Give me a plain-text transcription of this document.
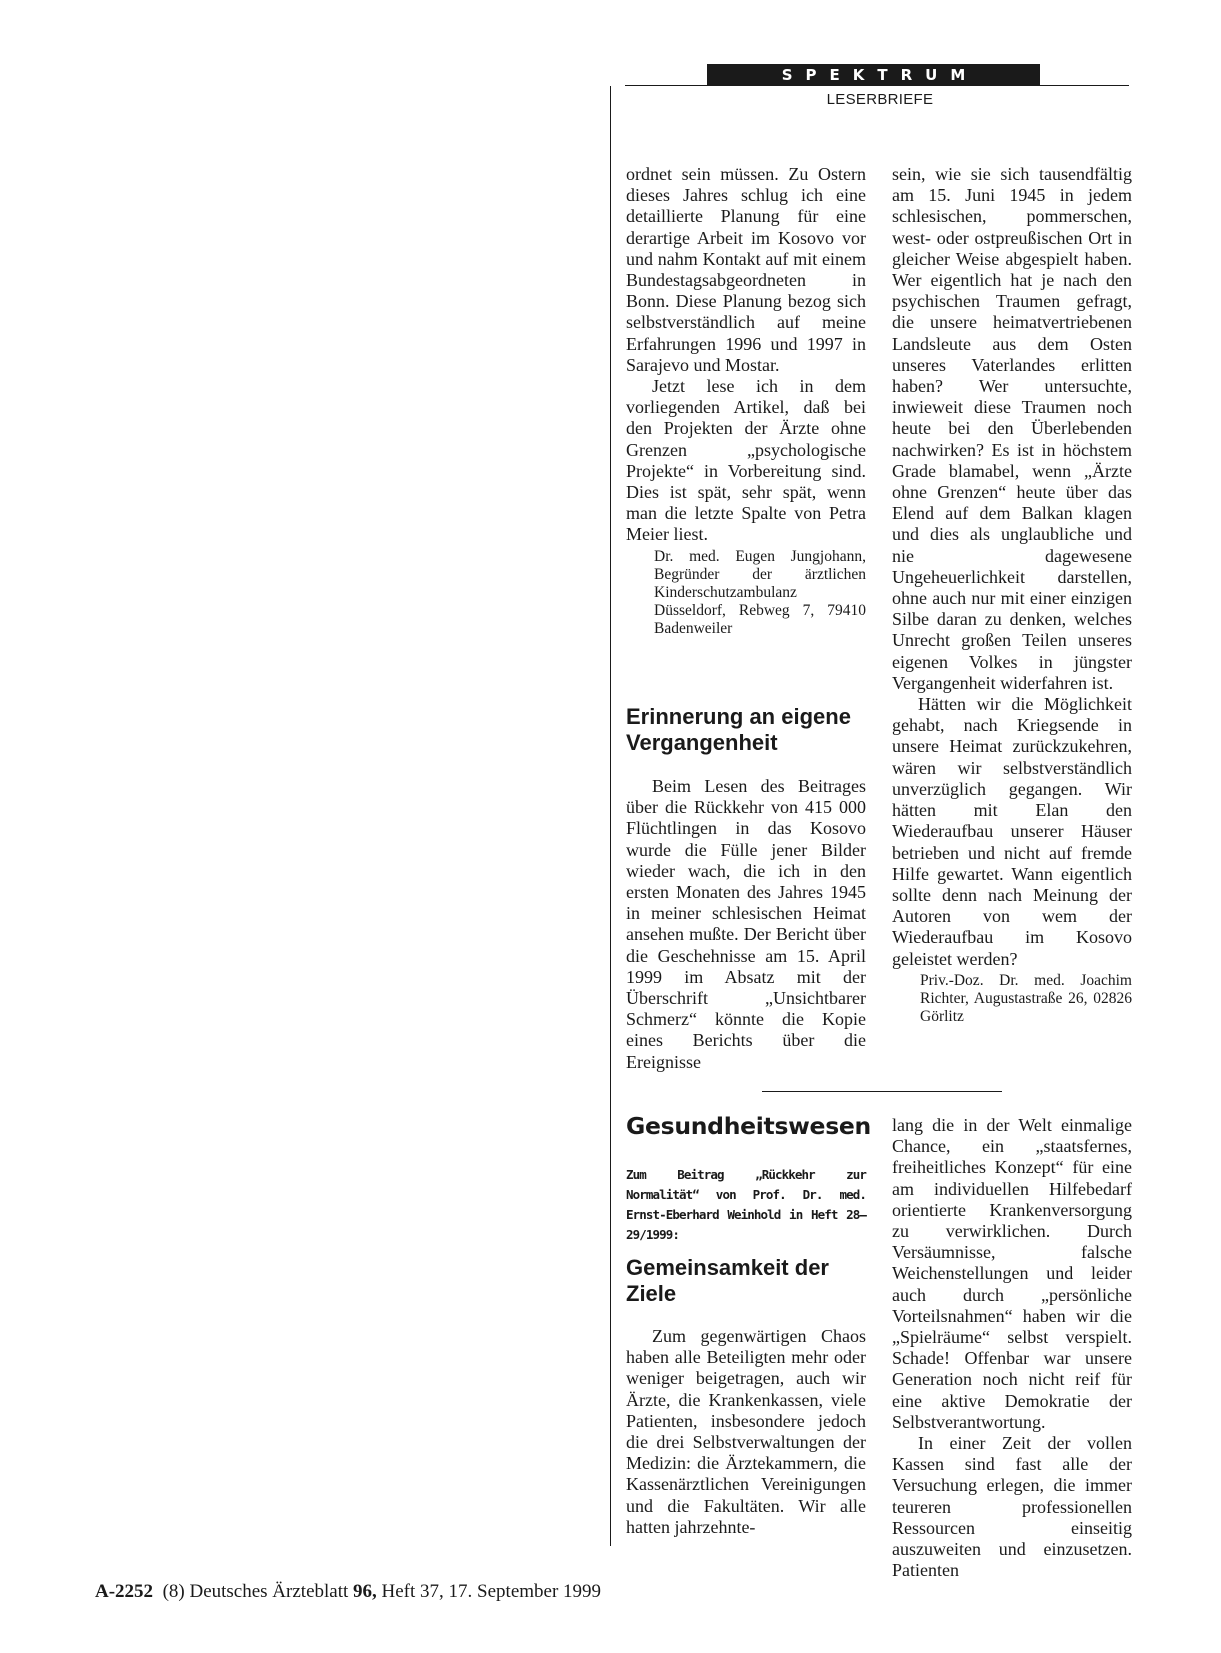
SPEKTRUM
LESERBRIEFE

ordnet sein müssen. Zu Ostern dieses Jahres schlug ich eine detaillierte Planung für eine derartige Arbeit im Kosovo vor und nahm Kontakt auf mit einem Bundestagsabgeordneten in Bonn. Diese Planung bezog sich selbstverständlich auf meine Erfahrungen 1996 und 1997 in Sarajevo und Mostar.

Jetzt lese ich in dem vorliegenden Artikel, daß bei den Projekten der Ärzte ohne Grenzen „psychologische Projekte“ in Vorbereitung sind. Dies ist spät, sehr spät, wenn man die letzte Spalte von Petra Meier liest.

Dr. med. Eugen Jungjohann, Begründer der ärztlichen Kinderschutzambulanz Düsseldorf, Rebweg 7, 79410 Badenweiler

Erinnerung an eigene Vergangenheit

Beim Lesen des Beitrages über die Rückkehr von 415 000 Flüchtlingen in das Kosovo wurde die Fülle jener Bilder wieder wach, die ich in den ersten Monaten des Jahres 1945 in meiner schlesischen Heimat ansehen mußte. Der Bericht über die Geschehnisse am 15. April 1999 im Absatz mit der Überschrift „Unsichtbarer Schmerz“ könnte die Kopie eines Berichts über die Ereignisse

sein, wie sie sich tausendfältig am 15. Juni 1945 in jedem schlesischen, pommerschen, west- oder ostpreußischen Ort in gleicher Weise abgespielt haben. Wer eigentlich hat je nach den psychischen Traumen gefragt, die unsere heimatvertriebenen Landsleute aus dem Osten unseres Vaterlandes erlitten haben? Wer untersuchte, inwieweit diese Traumen noch heute bei den Überlebenden nachwirken? Es ist in höchstem Grade blamabel, wenn „Ärzte ohne Grenzen“ heute über das Elend auf dem Balkan klagen und dies als unglaubliche und nie dagewesene Ungeheuerlichkeit darstellen, ohne auch nur mit einer einzigen Silbe daran zu denken, welches Unrecht großen Teilen unseres eigenen Volkes in jüngster Vergangenheit widerfahren ist.

Hätten wir die Möglichkeit gehabt, nach Kriegsende in unsere Heimat zurückzukehren, wären wir selbstverständlich unverzüglich gegangen. Wir hätten mit Elan den Wiederaufbau unserer Häuser betrieben und nicht auf fremde Hilfe gewartet. Wann eigentlich sollte denn nach Meinung der Autoren von wem der Wiederaufbau im Kosovo geleistet werden?

Priv.-Doz. Dr. med. Joachim Richter, Augustastraße 26, 02826 Görlitz

Gesundheitswesen
Zum Beitrag „Rückkehr zur Normalität“ von Prof. Dr. med. Ernst-Eberhard Weinhold in Heft 28–29/1999:
Gemeinsamkeit der Ziele

Zum gegenwärtigen Chaos haben alle Beteiligten mehr oder weniger beigetragen, auch wir Ärzte, die Krankenkassen, viele Patienten, insbesondere jedoch die drei Selbstverwaltungen der Medizin: die Ärztekammern, die Kassenärztlichen Vereinigungen und die Fakultäten. Wir alle hatten jahrzehnte-

lang die in der Welt einmalige Chance, ein „staatsfernes, freiheitliches Konzept“ für eine am individuellen Hilfebedarf orientierte Krankenversorgung zu verwirklichen. Durch Versäumnisse, falsche Weichenstellungen und leider auch durch „persönliche Vorteilsnahmen“ haben wir die „Spielräume“ selbst verspielt. Schade! Offenbar war unsere Generation noch nicht reif für eine aktive Demokratie der Selbstverantwortung.

In einer Zeit der vollen Kassen sind fast alle der Versuchung erlegen, die immer teureren professionellen Ressourcen einseitig auszuweiten und einzusetzen. Patienten

A-2252 (8) Deutsches Ärzteblatt 96, Heft 37, 17. September 1999
